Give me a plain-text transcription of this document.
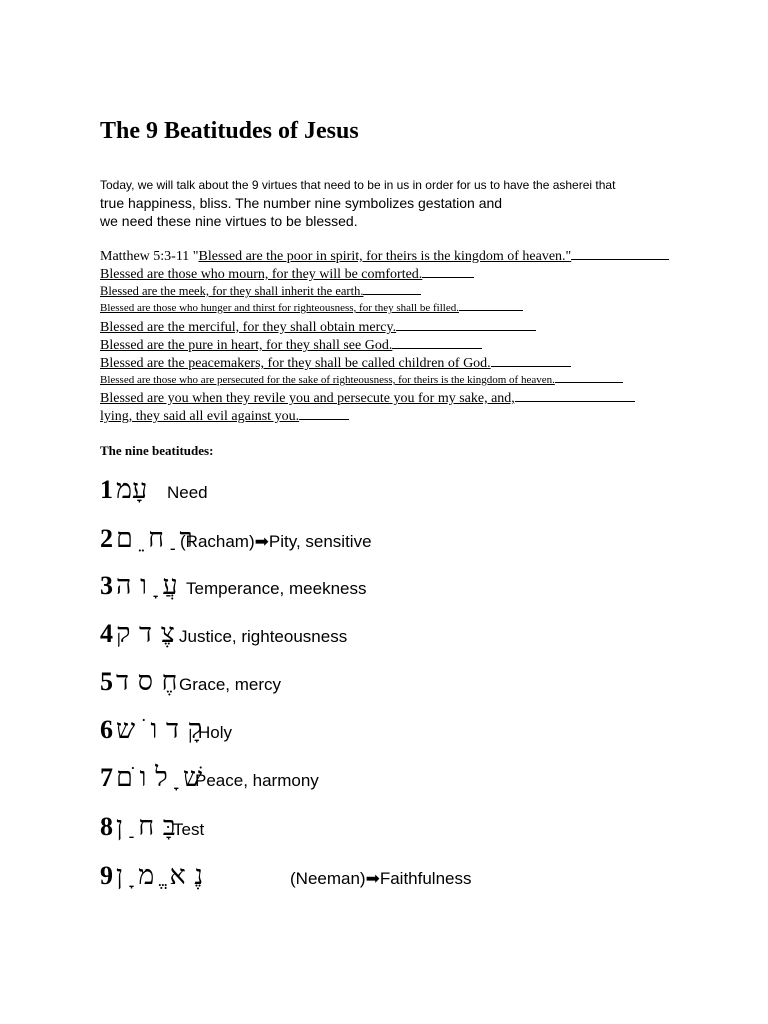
The 9 Beatitudes of Jesus
Today, we will talk about the 9 virtues that need to be in us in order for us to have the asherei that
true happiness, bliss. The number nine symbolizes gestation and
we need these nine virtues to be blessed.
Matthew 5:3-11 "Blessed are the poor in spirit, for theirs is the kingdom of heaven."
Blessed are those who mourn, for they will be comforted.
Blessed are the meek, for they shall inherit the earth.
Blessed are those who hunger and thirst for righteousness, for they shall be filled.
Blessed are the merciful, for they shall obtain mercy.
Blessed are the pure in heart, for they shall see God.
Blessed are the peacemakers, for they shall be called children of God.
Blessed are those who are persecuted for the sake of righteousness, for theirs is the kingdom of heaven.
Blessed are you when they revile you and persecute you for my sake, and,
lying, they said all evil against you.
The nine beatitudes:
1 עָמ Need
2 ר ַ ח ֵ ם
(Racham)➡Pity, sensitive
3 עֲ ָ ו ה Temperance, meekness
4 צֶ ד ק Justice, righteousness
5 חֶ ס ד Grace, mercy
6 קָ ד ו ֹ ש
Holy
7 שׁ ָ ל ו ֹם
Peace, harmony
8 בָּ ח ַ ן
Test
9 נֶ א ֱ מ ָ ן	(Neeman)➡Faithfulness
